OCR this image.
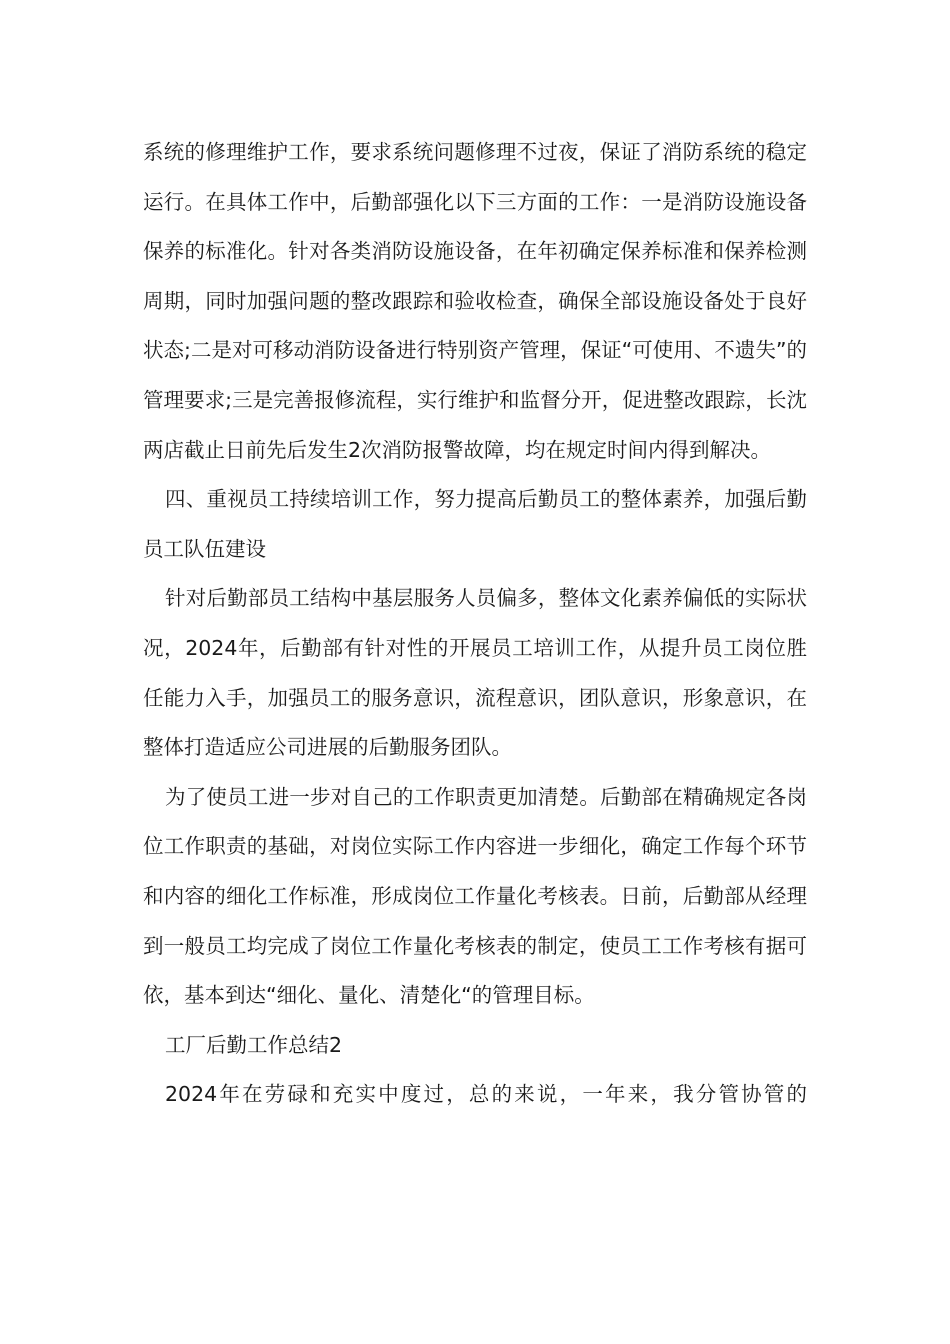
系统的修理维护工作，要求系统问题修理不过夜，保证了消防系统的稳定运行。在具体工作中，后勤部强化以下三方面的工作：一是消防设施设备保养的标准化。针对各类消防设施设备，在年初确定保养标准和保养检测周期，同时加强问题的整改跟踪和验收检查，确保全部设施设备处于良好状态;二是对可移动消防设备进行特别资产管理，保证“可使用、不遗失”的管理要求;三是完善报修流程，实行维护和监督分开，促进整改跟踪，长沈两店截止日前先后发生2次消防报警故障，均在规定时间内得到解决。

四、重视员工持续培训工作，努力提高后勤员工的整体素养，加强后勤员工队伍建设

针对后勤部员工结构中基层服务人员偏多，整体文化素养偏低的实际状况，2024年，后勤部有针对性的开展员工培训工作，从提升员工岗位胜任能力入手，加强员工的服务意识，流程意识，团队意识，形象意识，在整体打造适应公司进展的后勤服务团队。

为了使员工进一步对自己的工作职责更加清楚。后勤部在精确规定各岗位工作职责的基础，对岗位实际工作内容进一步细化，确定工作每个环节和内容的细化工作标准，形成岗位工作量化考核表。日前，后勤部从经理到一般员工均完成了岗位工作量化考核表的制定，使员工工作考核有据可依，基本到达“细化、量化、清楚化“的管理目标。

工厂后勤工作总结2

2024年在劳碌和充实中度过，总的来说，一年来，我分管协管的
